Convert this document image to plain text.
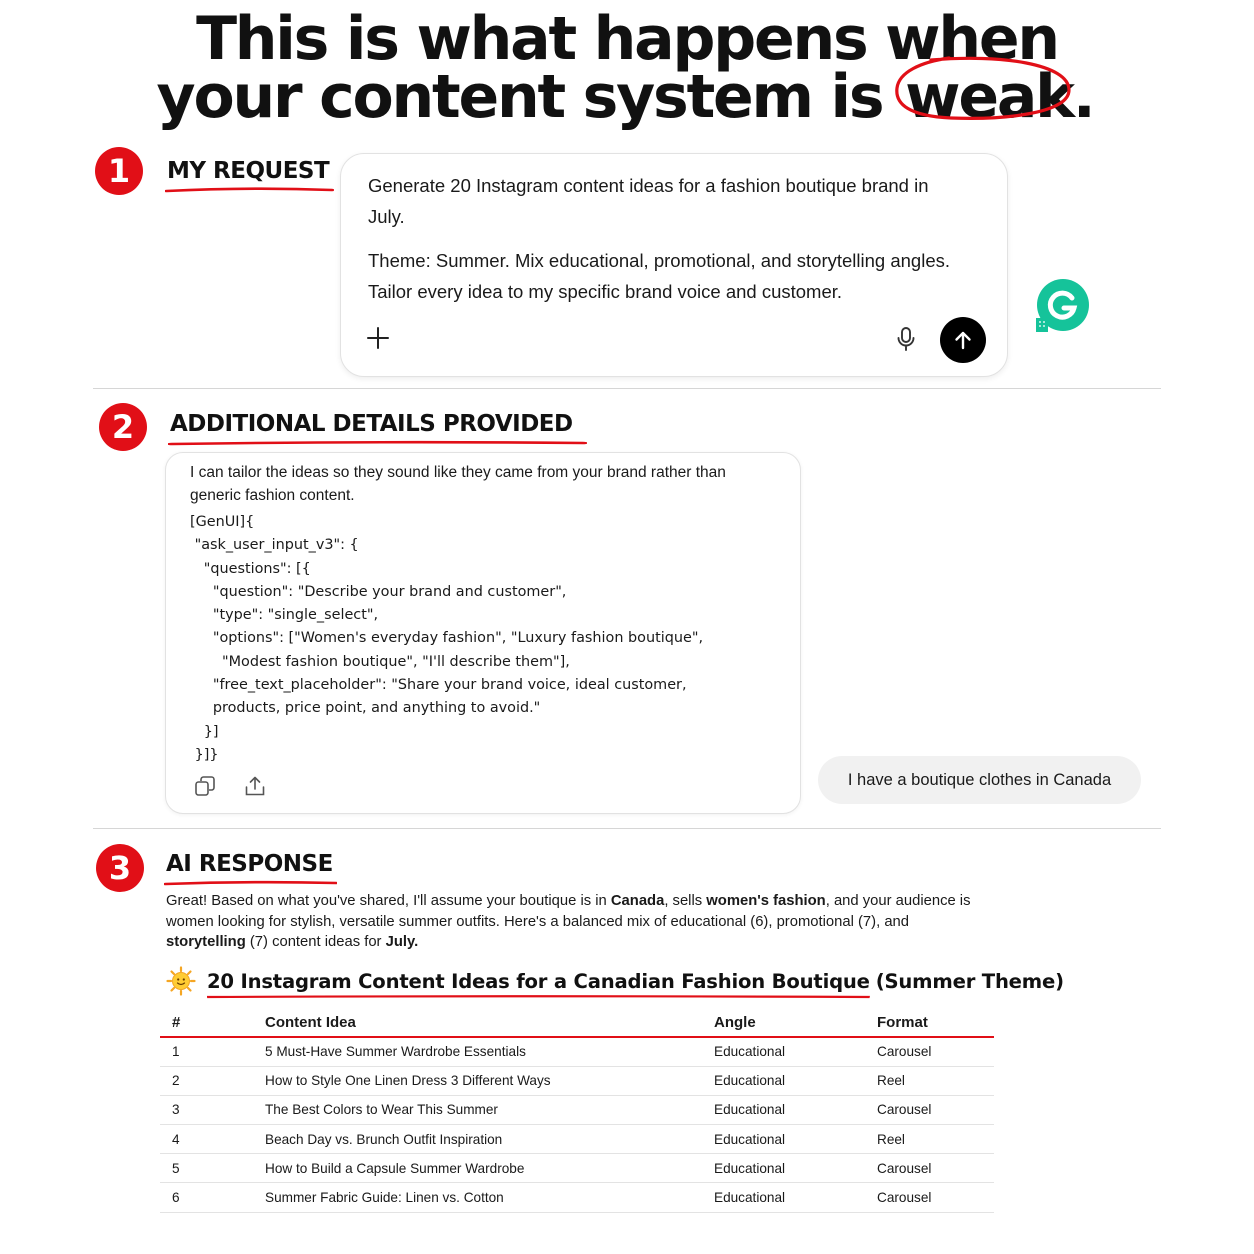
This is what happens when
your content system is weak.
1	MY REQUEST

Generate 20 Instagram content ideas for a fashion boutique brand in July.

Theme: Summer. Mix educational, promotional, and storytelling angles. Tailor every idea to my specific brand voice and customer.

2	ADDITIONAL DETAILS PROVIDED
I can tailor the ideas so they sound like they came from your brand rather than generic fashion content.
[GenUI]{
"ask_user_input_v3": {
"questions": [{
"question": "Describe your brand and customer",
"type": "single_select",
"options": ["Women's everyday fashion", "Luxury fashion boutique",
"Modest fashion boutique", "I'll describe them"],
"free_text_placeholder": "Share your brand voice, ideal customer,
products, price point, and anything to avoid."
}]
}]}
I have a boutique clothes in Canada
3	AI RESPONSE
Great! Based on what you've shared, I'll assume your boutique is in Canada, sells women's fashion, and your audience is women looking for stylish, versatile summer outfits. Here's a balanced mix of educational (6), promotional (7), and storytelling (7) content ideas for July.
20 Instagram Content Ideas for a Canadian Fashion Boutique (Summer Theme)
#	Content Idea	Angle	Format
1	5 Must-Have Summer Wardrobe Essentials	Educational	Carousel
2	How to Style One Linen Dress 3 Different Ways	Educational	Reel
3	The Best Colors to Wear This Summer	Educational	Carousel
4	Beach Day vs. Brunch Outfit Inspiration	Educational	Reel
5	How to Build a Capsule Summer Wardrobe	Educational	Carousel
6	Summer Fabric Guide: Linen vs. Cotton	Educational	Carousel
